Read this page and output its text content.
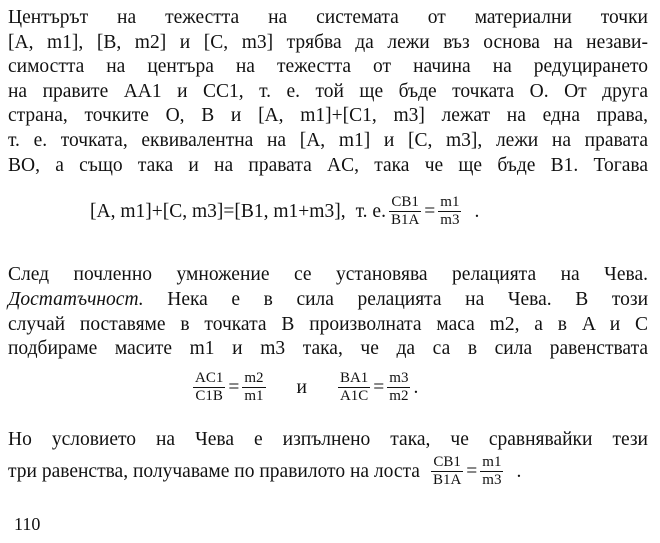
Центърът на тежестта на системата от материални точки
[A, m1], [B, m2] и [C, m3] трябва да лежи въз основа на незави-
симостта на центъра на тежестта от начина на редуцирането
на правите AA1 и CC1, т. е. той ще бъде точката O. От друга
страна, точките O, B и [A, m1]+[C1, m3] лежат на една права,
т. е. точката, еквивалентна на [A, m1] и [C, m3], лежи на правата
BO, а също така и на правата AC, така че ще бъде B1. Тогава
[A, m1]+[C, m3]=[B1, m1+m3], т. е. $\frac{CB1}{B1A} = \frac{m1}{m3}$ .
След почленно умножение се установява релацията на Чева.
Достатъчност. Нека е в сила релацията на Чева. В този
случай поставяме в точката B произволната маса m2, а в A и C
подбираме масите m1 и m3 така, че да са в сила равенствата
$\frac{AC1}{C1B} = \frac{m2}{m1}$ и $\frac{BA1}{A1C} = \frac{m3}{m2}$ .
Но условието на Чева е изпълнено така, че сравнявайки тези
три равенства, получаваме по правилото на лоста $\frac{CB1}{B1A} = \frac{m1}{m3}$ .
110
